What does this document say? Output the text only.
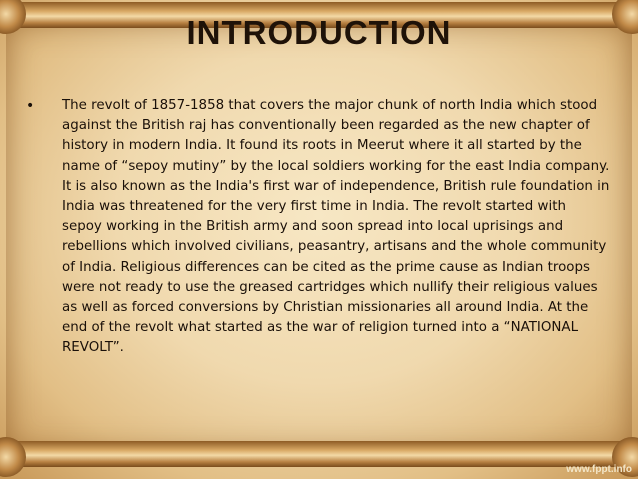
INTRODUCTION
•	The revolt of 1857-1858 that covers the major chunk of north India which stood against the British raj has conventionally been regarded as the new chapter of history in modern India. It found its roots in Meerut where it all started by the name of “sepoy mutiny” by the local soldiers working for the east India company. It is also known as the India's first war of independence, British rule foundation in India was threatened for the very first time in India. The revolt started with sepoy working in the British army and soon spread into local uprisings and rebellions which involved civilians, peasantry, artisans and the whole community of India. Religious differences can be cited as the prime cause as Indian troops were not ready to use the greased cartridges which nullify their religious values as well as forced conversions by Christian missionaries all around India. At the end of the revolt what started as the war of religion turned into a “NATIONAL REVOLT”.
www.fppt.info
